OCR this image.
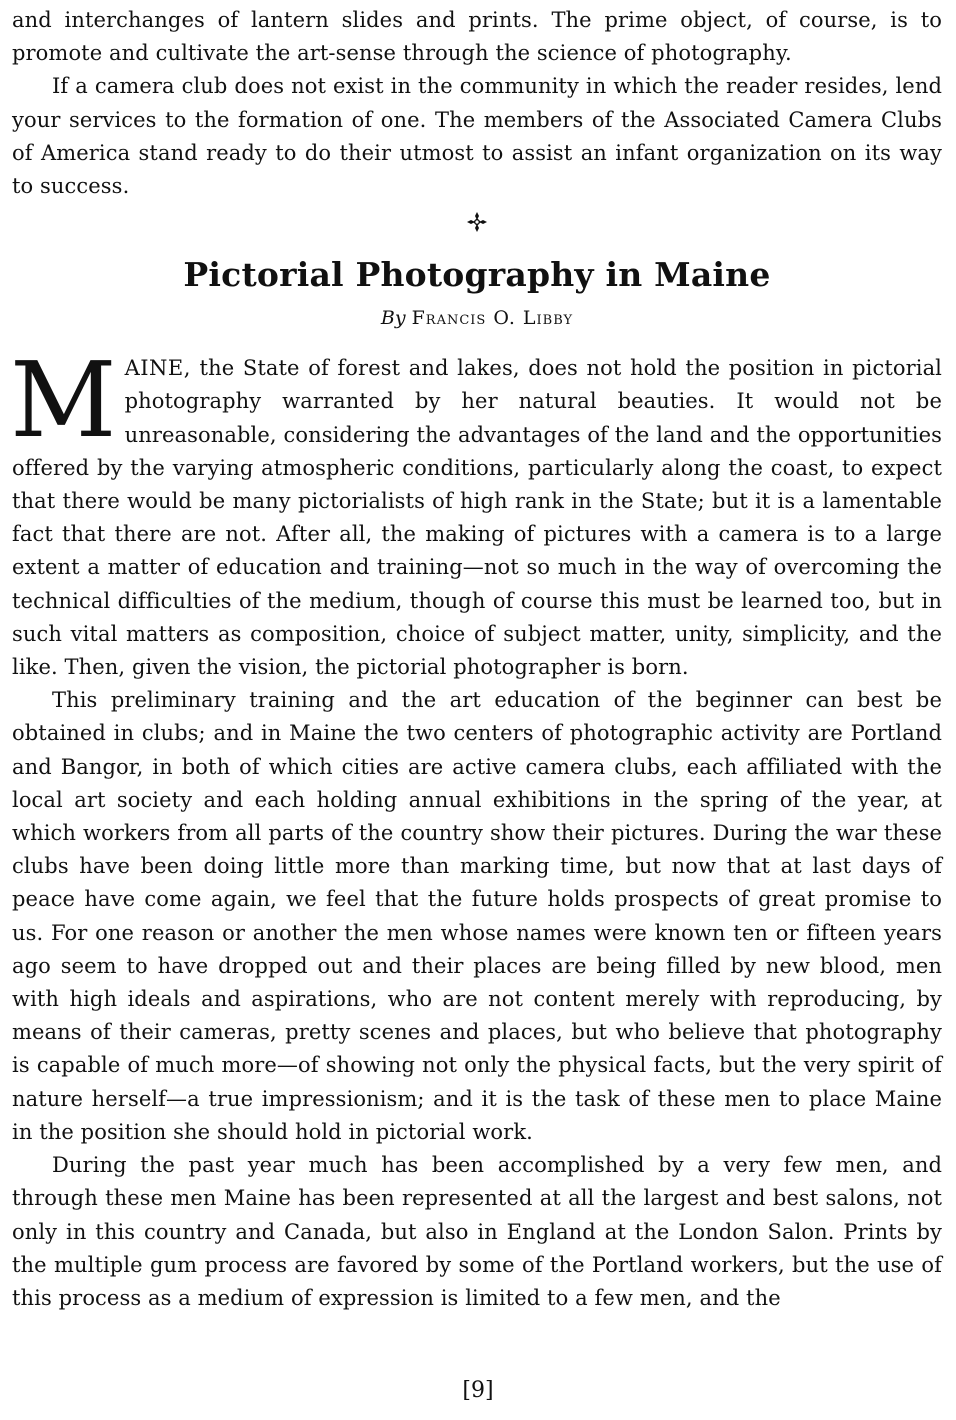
and interchanges of lantern slides and prints. The prime object, of course, is to promote and cultivate the art-sense through the science of photography.

If a camera club does not exist in the community in which the reader resides, lend your services to the formation of one. The members of the Associated Camera Clubs of America stand ready to do their utmost to assist an infant organization on its way to success.

Pictorial Photography in Maine
By Francis O. Libby

MAINE, the State of forest and lakes, does not hold the position in pictorial photography warranted by her natural beauties. It would not be unreasonable, considering the advantages of the land and the opportunities offered by the varying atmospheric conditions, particularly along the coast, to expect that there would be many pictorialists of high rank in the State; but it is a lamentable fact that there are not. After all, the making of pictures with a camera is to a large extent a matter of education and training—not so much in the way of overcoming the technical difficulties of the medium, though of course this must be learned too, but in such vital matters as composition, choice of subject matter, unity, simplicity, and the like. Then, given the vision, the pictorial photographer is born.

This preliminary training and the art education of the beginner can best be obtained in clubs; and in Maine the two centers of photographic activity are Portland and Bangor, in both of which cities are active camera clubs, each affiliated with the local art society and each holding annual exhibitions in the spring of the year, at which workers from all parts of the country show their pictures. During the war these clubs have been doing little more than marking time, but now that at last days of peace have come again, we feel that the future holds prospects of great promise to us. For one reason or another the men whose names were known ten or fifteen years ago seem to have dropped out and their places are being filled by new blood, men with high ideals and aspirations, who are not content merely with reproducing, by means of their cameras, pretty scenes and places, but who believe that photography is capable of much more—of showing not only the physical facts, but the very spirit of nature herself—a true impressionism; and it is the task of these men to place Maine in the position she should hold in pictorial work.

During the past year much has been accomplished by a very few men, and through these men Maine has been represented at all the largest and best salons, not only in this country and Canada, but also in England at the London Salon. Prints by the multiple gum process are favored by some of the Portland workers, but the use of this process as a medium of expression is limited to a few men, and the

[9]
